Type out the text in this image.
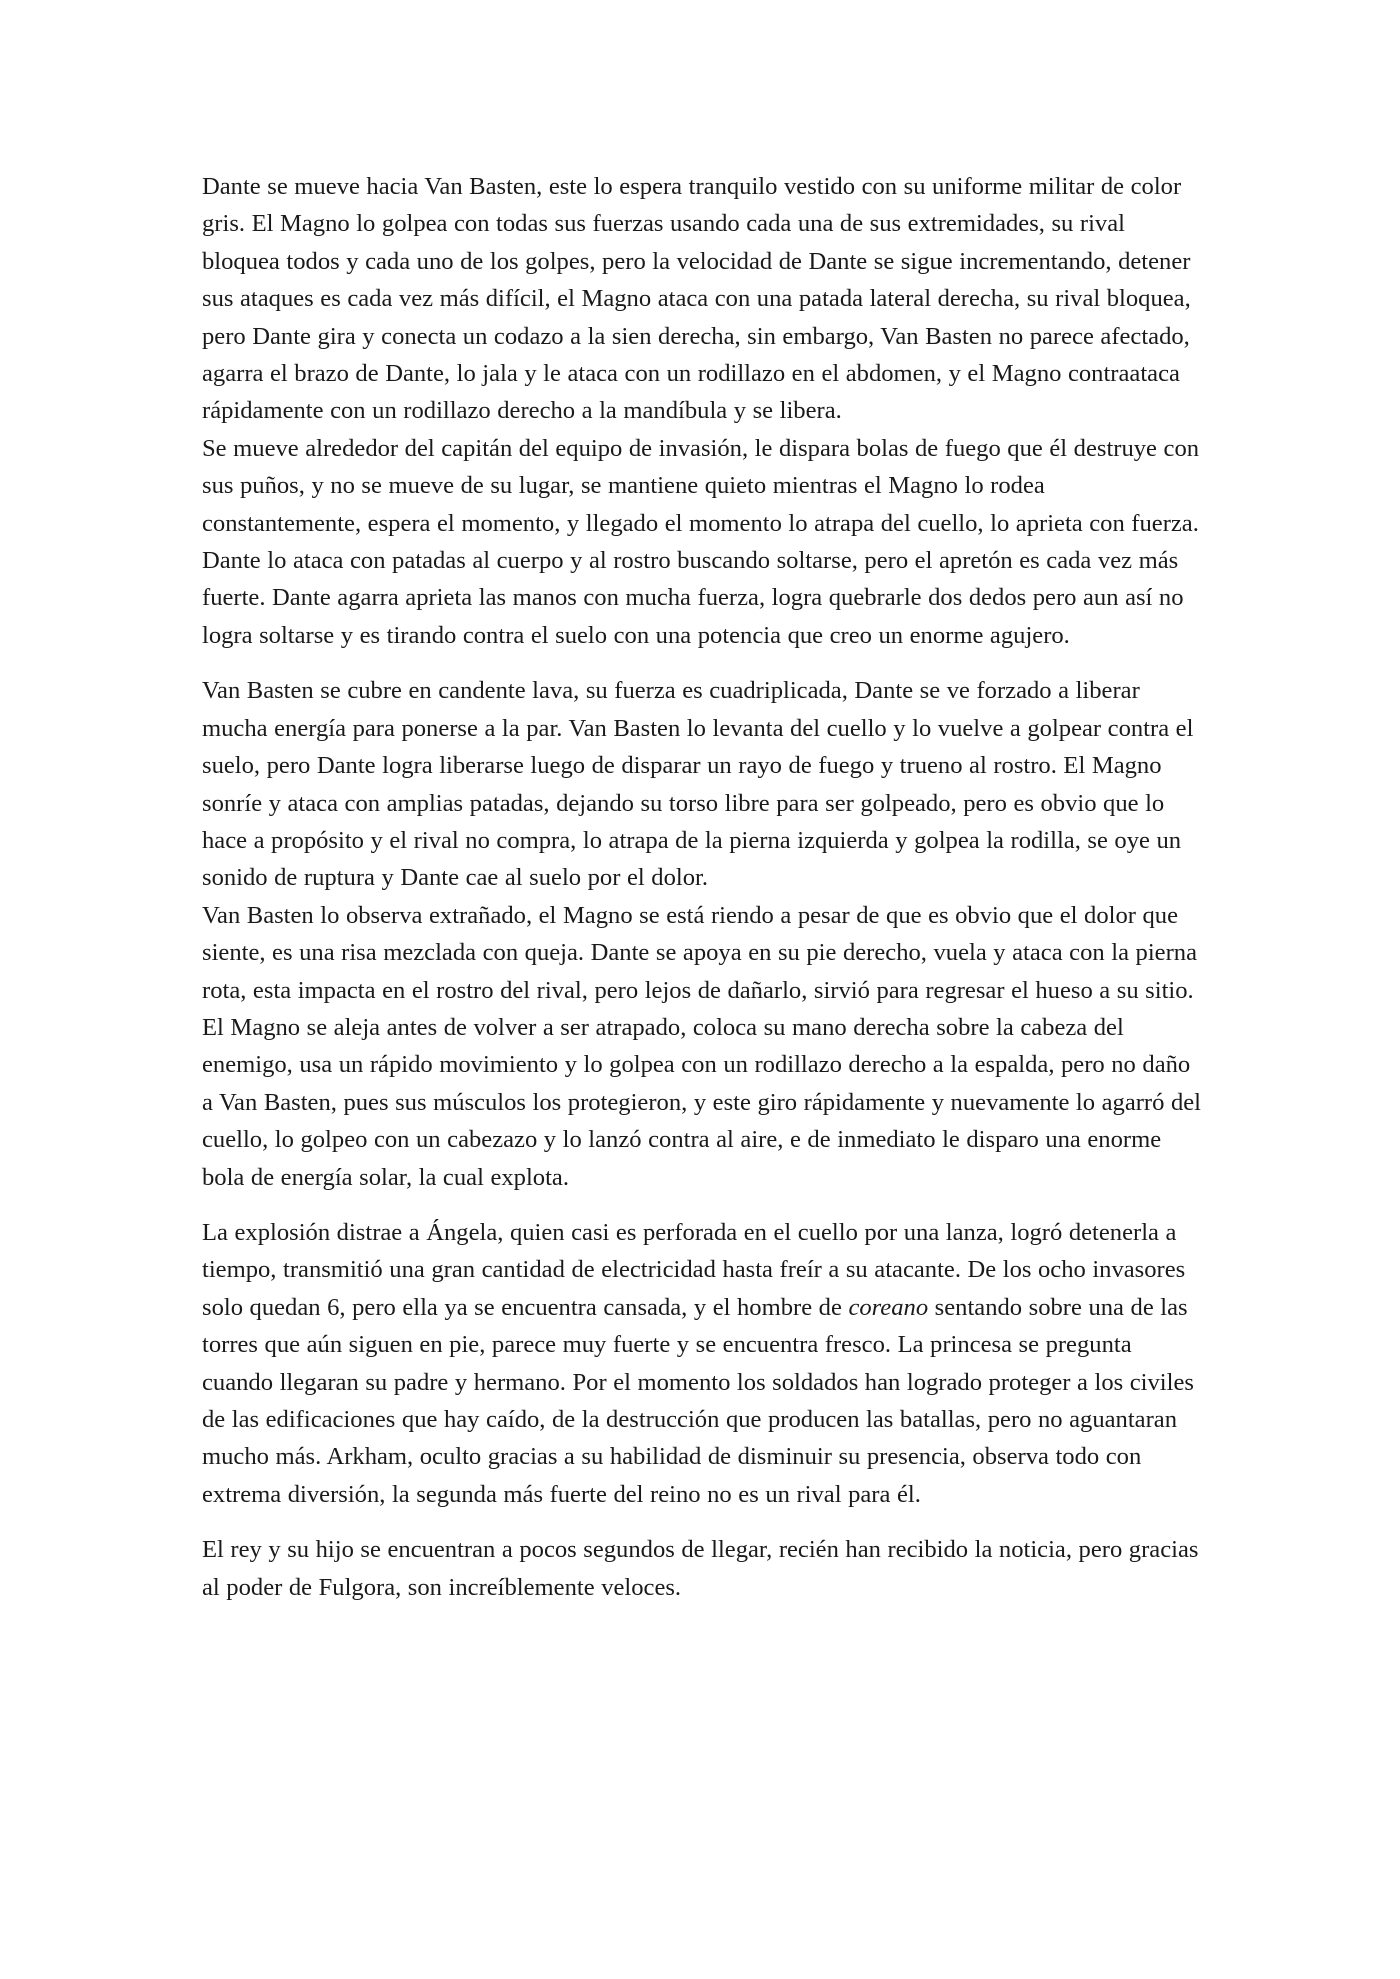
Dante se mueve hacia Van Basten, este lo espera tranquilo vestido con su uniforme militar de color gris. El Magno lo golpea con todas sus fuerzas usando cada una de sus extremidades, su rival bloquea todos y cada uno de los golpes, pero la velocidad de Dante se sigue incrementando, detener sus ataques es cada vez más difícil, el Magno ataca con una patada lateral derecha, su rival bloquea, pero Dante gira y conecta un codazo a la sien derecha, sin embargo, Van Basten no parece afectado, agarra el brazo de Dante, lo jala y le ataca con un rodillazo en el abdomen, y el Magno contraataca rápidamente con un rodillazo derecho a la mandíbula y se libera.

Se mueve alrededor del capitán del equipo de invasión, le dispara bolas de fuego que él destruye con sus puños, y no se mueve de su lugar, se mantiene quieto mientras el Magno lo rodea constantemente, espera el momento, y llegado el momento lo atrapa del cuello, lo aprieta con fuerza. Dante lo ataca con patadas al cuerpo y al rostro buscando soltarse, pero el apretón es cada vez más fuerte. Dante agarra aprieta las manos con mucha fuerza, logra quebrarle dos dedos pero aun así no logra soltarse y es tirando contra el suelo con una potencia que creo un enorme agujero.

Van Basten se cubre en candente lava, su fuerza es cuadriplicada, Dante se ve forzado a liberar mucha energía para ponerse a la par. Van Basten lo levanta del cuello y lo vuelve a golpear contra el suelo, pero Dante logra liberarse luego de disparar un rayo de fuego y trueno al rostro. El Magno sonríe y ataca con amplias patadas, dejando su torso libre para ser golpeado, pero es obvio que lo hace a propósito y el rival no compra, lo atrapa de la pierna izquierda y golpea la rodilla, se oye un sonido de ruptura y Dante cae al suelo por el dolor.

Van Basten lo observa extrañado, el Magno se está riendo a pesar de que es obvio que el dolor que siente, es una risa mezclada con queja. Dante se apoya en su pie derecho, vuela y ataca con la pierna rota, esta impacta en el rostro del rival, pero lejos de dañarlo, sirvió para regresar el hueso a su sitio. El Magno se aleja antes de volver a ser atrapado, coloca su mano derecha sobre la cabeza del enemigo, usa un rápido movimiento y lo golpea con un rodillazo derecho a la espalda, pero no daño a Van Basten, pues sus músculos los protegieron, y este giro rápidamente y nuevamente lo agarró del cuello, lo golpeo con un cabezazo y lo lanzó contra al aire, e de inmediato le disparo una enorme bola de energía solar, la cual explota.

La explosión distrae a Ángela, quien casi es perforada en el cuello por una lanza, logró detenerla a tiempo, transmitió una gran cantidad de electricidad hasta freír a su atacante. De los ocho invasores solo quedan 6, pero ella ya se encuentra cansada, y el hombre de coreano sentando sobre una de las torres que aún siguen en pie, parece muy fuerte y se encuentra fresco. La princesa se pregunta cuando llegaran su padre y hermano. Por el momento los soldados han logrado proteger a los civiles de las edificaciones que hay caído, de la destrucción que producen las batallas, pero no aguantaran mucho más. Arkham, oculto gracias a su habilidad de disminuir su presencia, observa todo con extrema diversión, la segunda más fuerte del reino no es un rival para él.

El rey y su hijo se encuentran a pocos segundos de llegar, recién han recibido la noticia, pero gracias al poder de Fulgora, son increíblemente veloces.
